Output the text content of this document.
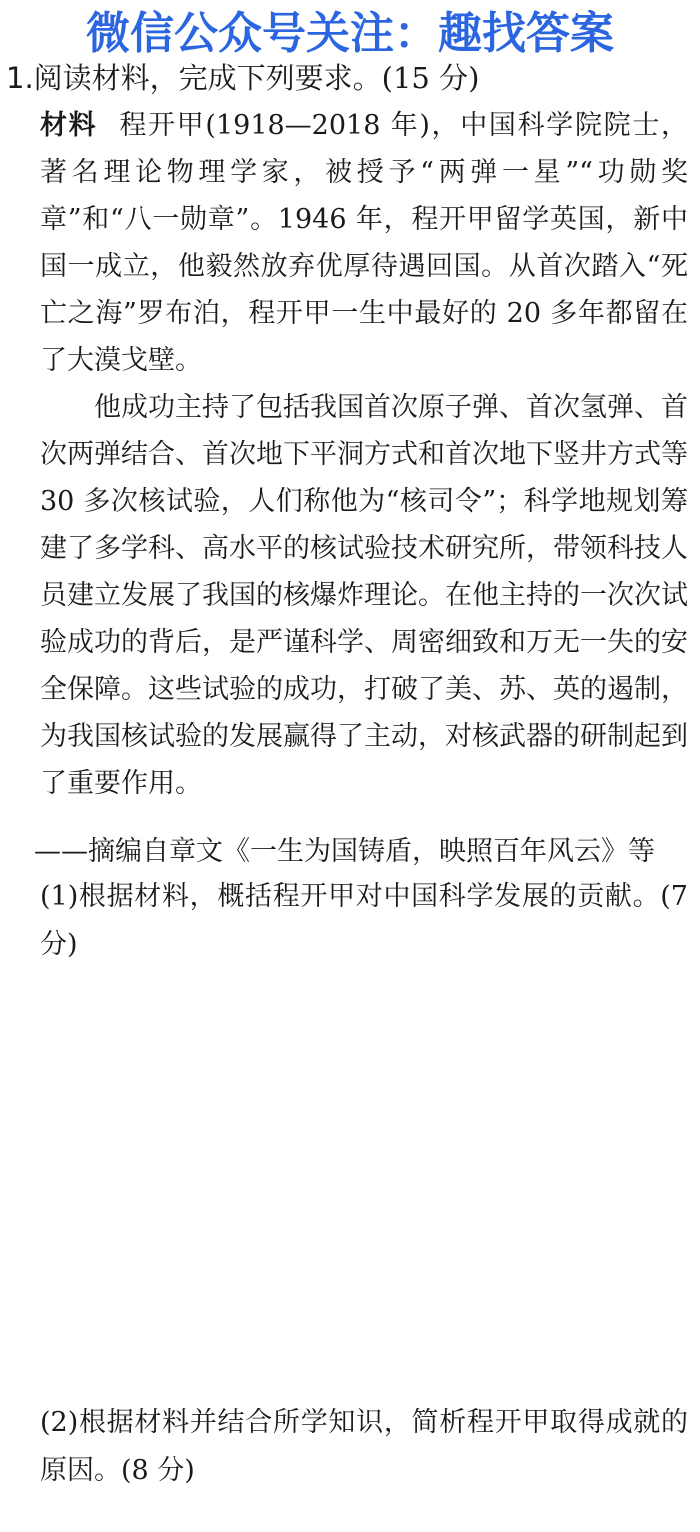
微信公众号关注：趣找答案
1.阅读材料，完成下列要求。(15 分)

材料 程开甲(1918—2018 年)，中国科学院院士，著名理论物理学家，被授予“两弹一星”“功勋奖章”和“八一勋章”。1946 年，程开甲留学英国，新中国一成立，他毅然放弃优厚待遇回国。从首次踏入“死亡之海”罗布泊，程开甲一生中最好的 20 多年都留在了大漠戈壁。

他成功主持了包括我国首次原子弹、首次氢弹、首次两弹结合、首次地下平洞方式和首次地下竖井方式等 30 多次核试验，人们称他为“核司令”；科学地规划筹建了多学科、高水平的核试验技术研究所，带领科技人员建立发展了我国的核爆炸理论。在他主持的一次次试验成功的背后，是严谨科学、周密细致和万无一失的安全保障。这些试验的成功，打破了美、苏、英的遏制，为我国核试验的发展赢得了主动，对核武器的研制起到了重要作用。

——摘编自章文《一生为国铸盾，映照百年风云》等

(1)根据材料，概括程开甲对中国科学发展的贡献。(7 分)

(2)根据材料并结合所学知识，简析程开甲取得成就的原因。(8 分)
